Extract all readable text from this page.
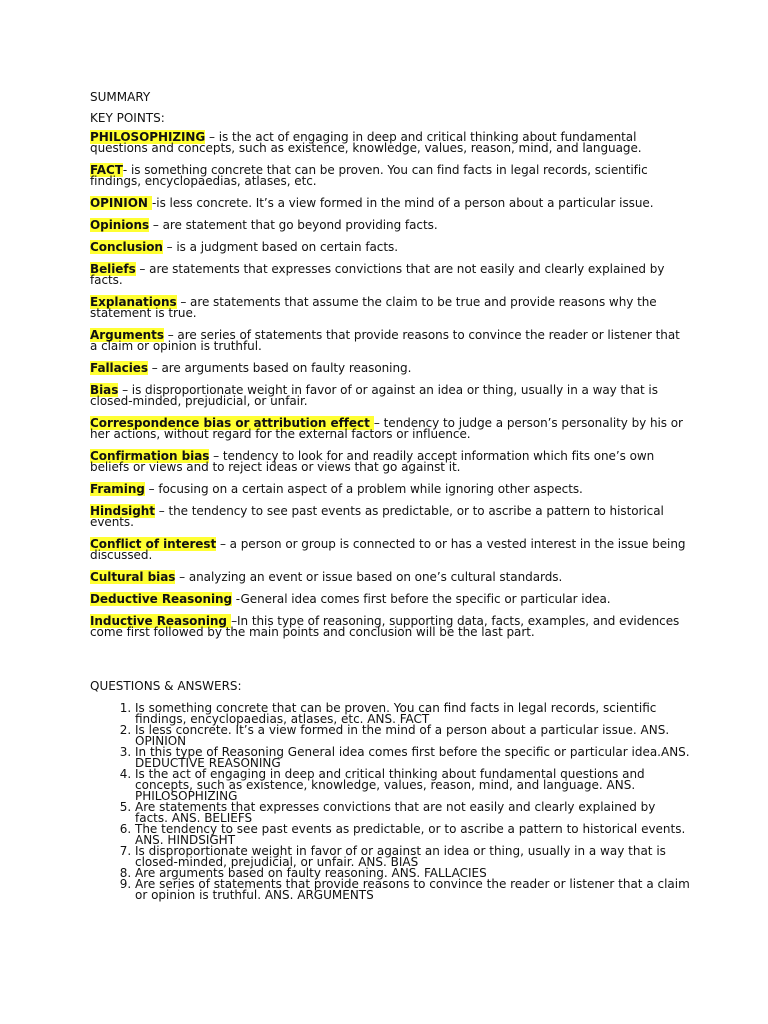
SUMMARY
KEY POINTS:
PHILOSOPHIZING – is the act of engaging in deep and critical thinking about fundamental questions and concepts, such as existence, knowledge, values, reason, mind, and language.
FACT- is something concrete that can be proven. You can find facts in legal records, scientific findings, encyclopaedias, atlases, etc.
OPINION -is less concrete. It’s a view formed in the mind of a person about a particular issue.
Opinions – are statement that go beyond providing facts.
Conclusion – is a judgment based on certain facts.
Beliefs – are statements that expresses convictions that are not easily and clearly explained by facts.
Explanations – are statements that assume the claim to be true and provide reasons why the statement is true.
Arguments – are series of statements that provide reasons to convince the reader or listener that a claim or opinion is truthful.
Fallacies – are arguments based on faulty reasoning.
Bias – is disproportionate weight in favor of or against an idea or thing, usually in a way that is closed-minded, prejudicial, or unfair.
Correspondence bias or attribution effect – tendency to judge a person’s personality by his or her actions, without regard for the external factors or influence.
Confirmation bias – tendency to look for and readily accept information which fits one’s own beliefs or views and to reject ideas or views that go against it.
Framing – focusing on a certain aspect of a problem while ignoring other aspects.
Hindsight – the tendency to see past events as predictable, or to ascribe a pattern to historical events.
Conflict of interest – a person or group is connected to or has a vested interest in the issue being discussed.
Cultural bias – analyzing an event or issue based on one’s cultural standards.
Deductive Reasoning -General idea comes first before the specific or particular idea.
Inductive Reasoning –In this type of reasoning, supporting data, facts, examples, and evidences come first followed by the main points and conclusion will be the last part.
QUESTIONS & ANSWERS:
1. Is something concrete that can be proven. You can find facts in legal records, scientific findings, encyclopaedias, atlases, etc. ANS. FACT
2. Is less concrete. It’s a view formed in the mind of a person about a particular issue. ANS. OPINION
3. In this type of Reasoning General idea comes first before the specific or particular idea.ANS. DEDUCTIVE REASONING
4. Is the act of engaging in deep and critical thinking about fundamental questions and concepts, such as existence, knowledge, values, reason, mind, and language. ANS. PHILOSOPHIZING
5. Are statements that expresses convictions that are not easily and clearly explained by facts. ANS. BELIEFS
6. The tendency to see past events as predictable, or to ascribe a pattern to historical events. ANS. HINDSIGHT
7. Is disproportionate weight in favor of or against an idea or thing, usually in a way that is closed-minded, prejudicial, or unfair. ANS. BIAS
8. Are arguments based on faulty reasoning. ANS. FALLACIES
9. Are series of statements that provide reasons to convince the reader or listener that a claim or opinion is truthful. ANS. ARGUMENTS
